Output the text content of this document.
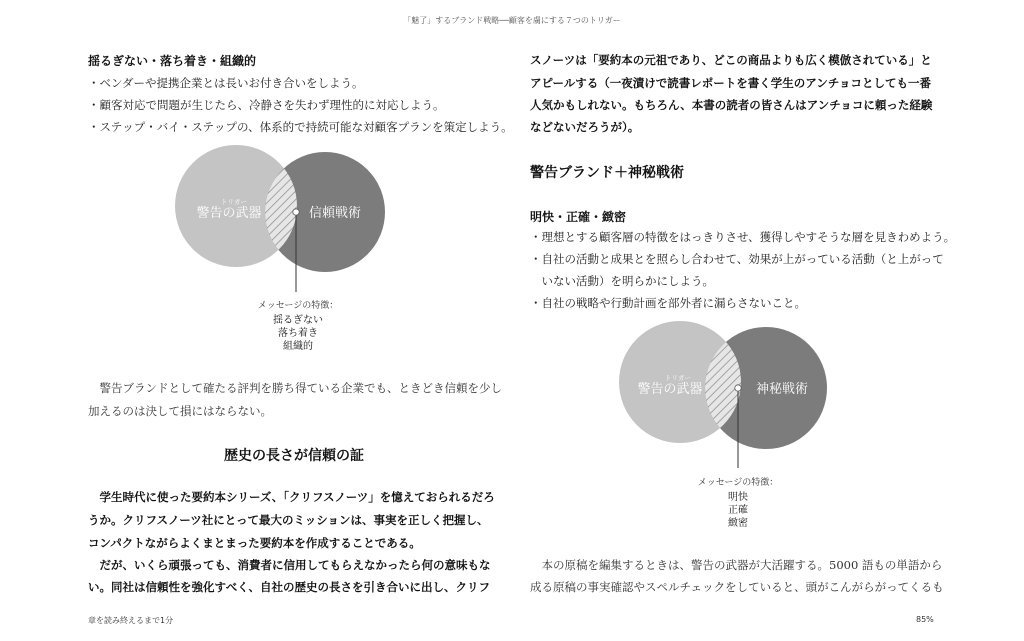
「魅了」するブランド戦略──顧客を虜にする７つのトリガー
揺るぎない・落ち着き・組織的
・ベンダーや提携企業とは長いお付き合いをしよう。
・顧客対応で問題が生じたら、冷静さを失わず理性的に対応しよう。
・ステップ・バイ・ステップの、体系的で持続可能な対顧客プランを策定しよう。
トリガー
警告の武器	信頼戦術
メッセージの特徴：
揺るぎない
落ち着き
組織的
　警告ブランドとして確たる評判を勝ち得ている企業でも、ときどき信頼を少し
加えるのは決して損にはならない。
歴史の長さが信頼の証
　学生時代に使った要約本シリーズ、「クリフスノーツ」を憶えておられるだろ
うか。クリフスノーツ社にとって最大のミッションは、事実を正しく把握し、
コンパクトながらよくまとまった要約本を作成することである。
　だが、いくら頑張っても、消費者に信用してもらえなかったら何の意味もな
い。同社は信頼性を強化すべく、自社の歴史の長さを引き合いに出し、クリフ
スノーツは「要約本の元祖であり、どこの商品よりも広く模倣されている」と
アピールする（一夜漬けで読書レポートを書く学生のアンチョコとしても一番
人気かもしれない。もちろん、本書の読者の皆さんはアンチョコに頼った経験
などないだろうが）。
警告ブランド＋神秘戦術
明快・正確・緻密
・理想とする顧客層の特徴をはっきりさせ、獲得しやすそうな層を見きわめよう。
・自社の活動と成果とを照らし合わせて、効果が上がっている活動（と上がって
　いない活動）を明らかにしよう。
・自社の戦略や行動計画を部外者に漏らさないこと。
トリガー
警告の武器	神秘戦術
メッセージの特徴：
明快
正確
緻密
　本の原稿を編集するときは、警告の武器が大活躍する。5000 語もの単語から
成る原稿の事実確認やスペルチェックをしていると、頭がこんがらがってくるも
章を読み終えるまで1分	85%
